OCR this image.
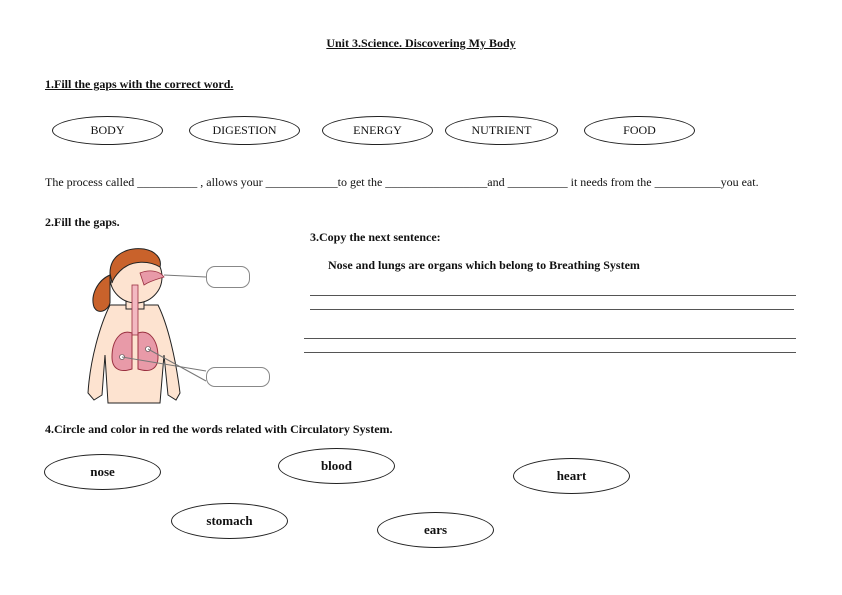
Unit 3.Science. Discovering My Body
1.Fill the gaps with the correct word.
BODY	DIGESTION	ENERGY	NUTRIENT	FOOD
The process called __________ , allows your ____________to get the _________________and __________ it needs from the ___________you eat.
2.Fill the gaps.
3.Copy the next sentence:
Nose and lungs are organs which belong to Breathing System
4.Circle and color in red the words related with Circulatory System.
nose	blood
heart
stomach
ears
